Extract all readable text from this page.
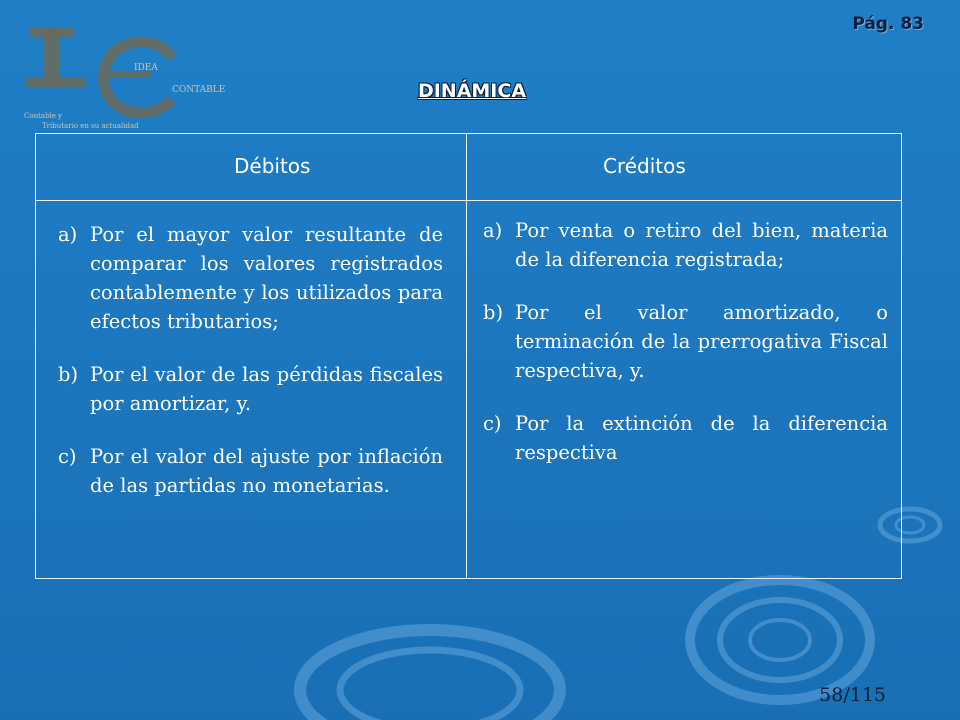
Pág. 83
IDEA
CONTABLE
Contable y
Tributario en su actualidad
DINÁMICA
Débitos	Créditos
a) Por el mayor valor resultante de comparar los valores registrados contablemente y los utilizados para efectos tributarios;
b) Por el valor de las pérdidas fiscales por amortizar, y.
c) Por el valor del ajuste por inflación de las partidas no monetarias.
a) Por venta o retiro del bien, materia de la diferencia registrada;
b) Por el valor amortizado, o terminación de la prerrogativa Fiscal respectiva, y.
c) Por la extinción de la diferencia respectiva
58/115
